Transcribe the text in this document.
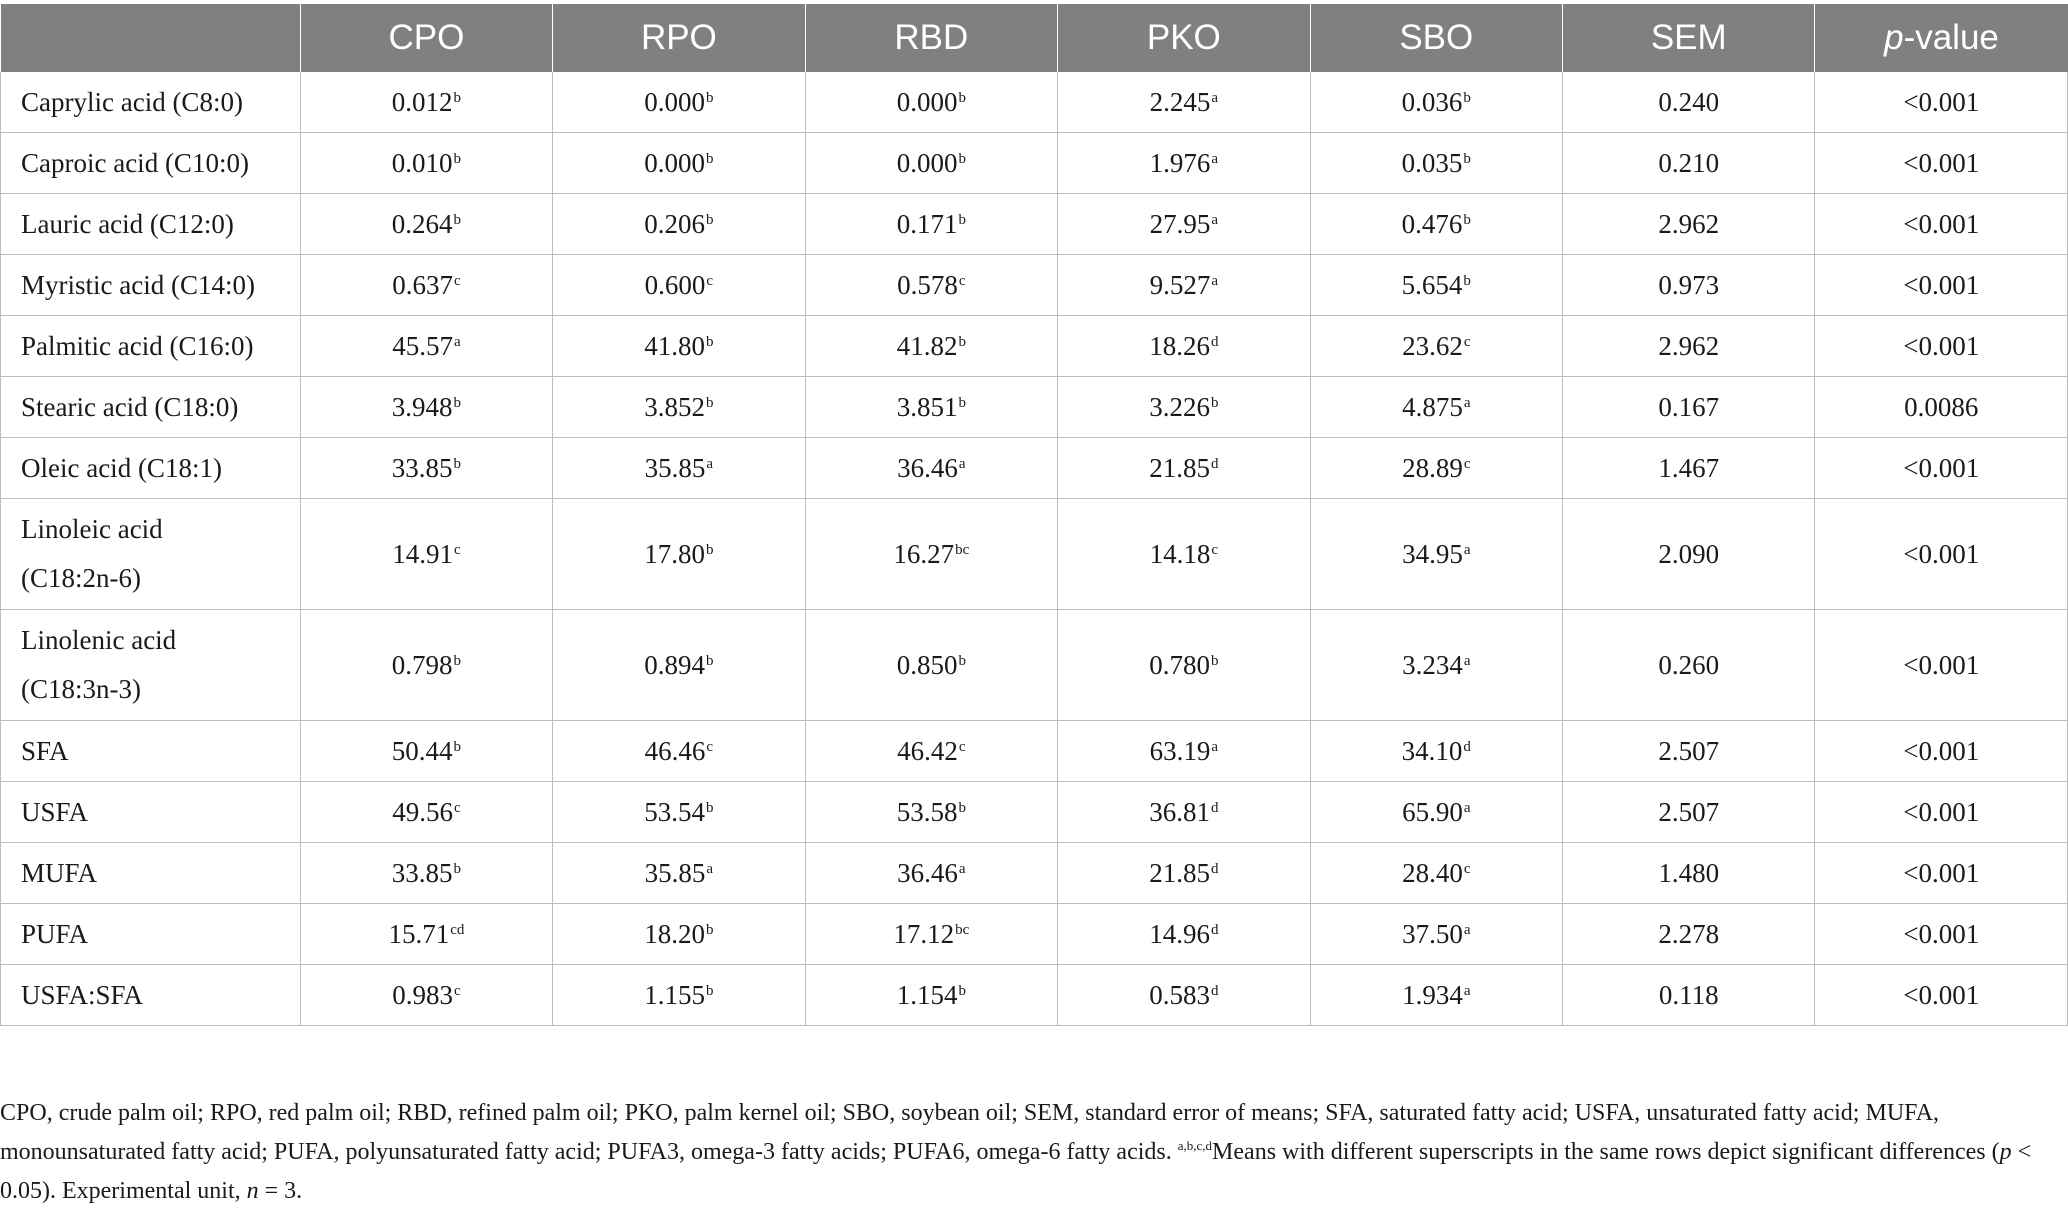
	CPO	RPO	RBD	PKO	SBO	SEM	p-value
Caprylic acid (C8:0)	0.012$^b$	0.000$^b$	0.000$^b$	2.245$^a$	0.036$^b$	0.240	<0.001
Caproic acid (C10:0)	0.010$^b$	0.000$^b$	0.000$^b$	1.976$^a$	0.035$^b$	0.210	<0.001
Lauric acid (C12:0)	0.264$^b$	0.206$^b$	0.171$^b$	27.95$^a$	0.476$^b$	2.962	<0.001
Myristic acid (C14:0)	0.637$^c$	0.600$^c$	0.578$^c$	9.527$^a$	5.654$^b$	0.973	<0.001
Palmitic acid (C16:0)	45.57$^a$	41.80$^b$	41.82$^b$	18.26$^d$	23.62$^c$	2.962	<0.001
Stearic acid (C18:0)	3.948$^b$	3.852$^b$	3.851$^b$	3.226$^b$	4.875$^a$	0.167	0.0086
Oleic acid (C18:1)	33.85$^b$	35.85$^a$	36.46$^a$	21.85$^d$	28.89$^c$	1.467	<0.001
Linoleic acid
(C18:2n-6)	14.91$^c$	17.80$^b$	16.27$^{bc}$	14.18$^c$	34.95$^a$	2.090	<0.001
Linolenic acid
(C18:3n-3)	0.798$^b$	0.894$^b$	0.850$^b$	0.780$^b$	3.234$^a$	0.260	<0.001
SFA	50.44$^b$	46.46$^c$	46.42$^c$	63.19$^a$	34.10$^d$	2.507	<0.001
USFA	49.56$^c$	53.54$^b$	53.58$^b$	36.81$^d$	65.90$^a$	2.507	<0.001
MUFA	33.85$^b$	35.85$^a$	36.46$^a$	21.85$^d$	28.40$^c$	1.480	<0.001
PUFA	15.71$^{cd}$	18.20$^b$	17.12$^{bc}$	14.96$^d$	37.50$^a$	2.278	<0.001
USFA:SFA	0.983$^c$	1.155$^b$	1.154$^b$	0.583$^d$	1.934$^a$	0.118	<0.001
CPO, crude palm oil; RPO, red palm oil; RBD, refined palm oil; PKO, palm kernel oil; SBO, soybean oil; SEM, standard error of means; SFA, saturated fatty acid; USFA, unsaturated fatty acid; MUFA, monounsaturated fatty acid; PUFA, polyunsaturated fatty acid; PUFA3, omega-3 fatty acids; PUFA6, omega-6 fatty acids. $^{a,b,c,d}$Means with different superscripts in the same rows depict significant differences (p < 0.05). Experimental unit, n = 3.
